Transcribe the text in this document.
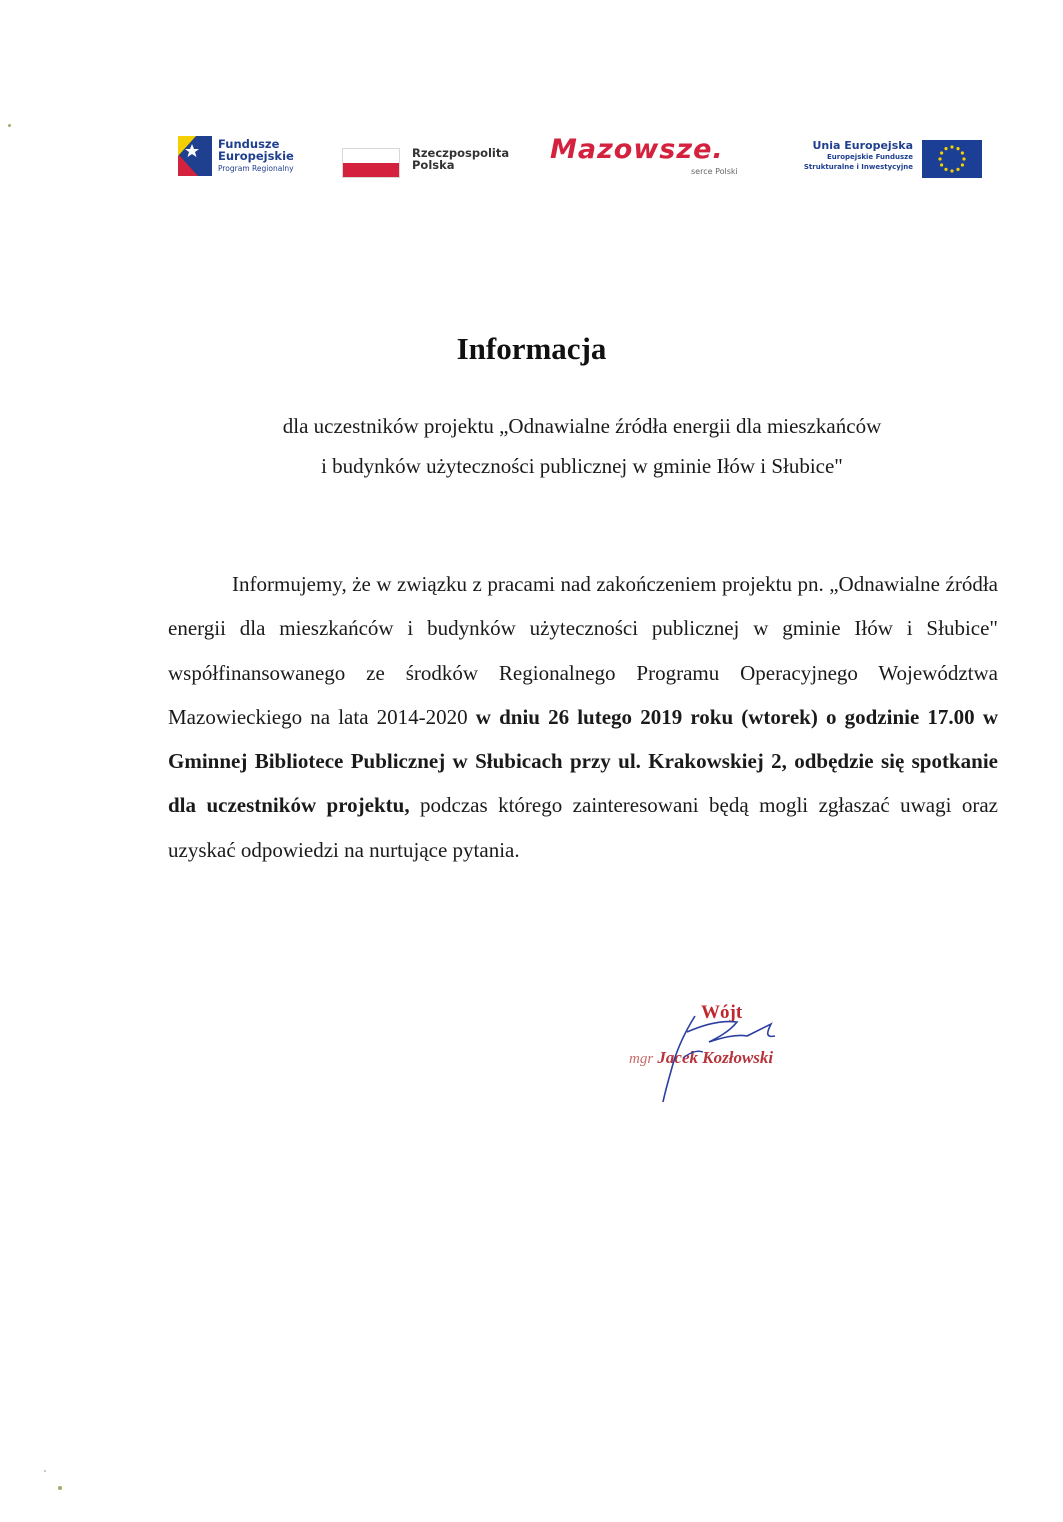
Fundusze
Europejskie
Program Regionalny
Rzeczpospolita
Polska	Mazowsze.
serce Polski
Unia Europejska
Europejskie Fundusze
Strukturalne i Inwestycyjne
Informacja

dla uczestników projektu „Odnawialne źródła energii dla mieszkańców

i budynków użyteczności publicznej w gminie Iłów i Słubice"

Informujemy, że w związku z pracami nad zakończeniem projektu pn. „Odnawialne źródła energii dla mieszkańców i budynków użyteczności publicznej w gminie Iłów i Słubice" współfinansowanego ze środków Regionalnego Programu Operacyjnego Województwa Mazowieckiego na lata 2014-2020 w dniu 26 lutego 2019 roku (wtorek) o godzinie 17.00 w Gminnej Bibliotece Publicznej w Słubicach przy ul. Krakowskiej 2, odbędzie się spotkanie dla uczestników projektu, podczas którego zainteresowani będą mogli zgłaszać uwagi oraz uzyskać odpowiedzi na nurtujące pytania.

Wójt
mgr Jacek Kozłowski
